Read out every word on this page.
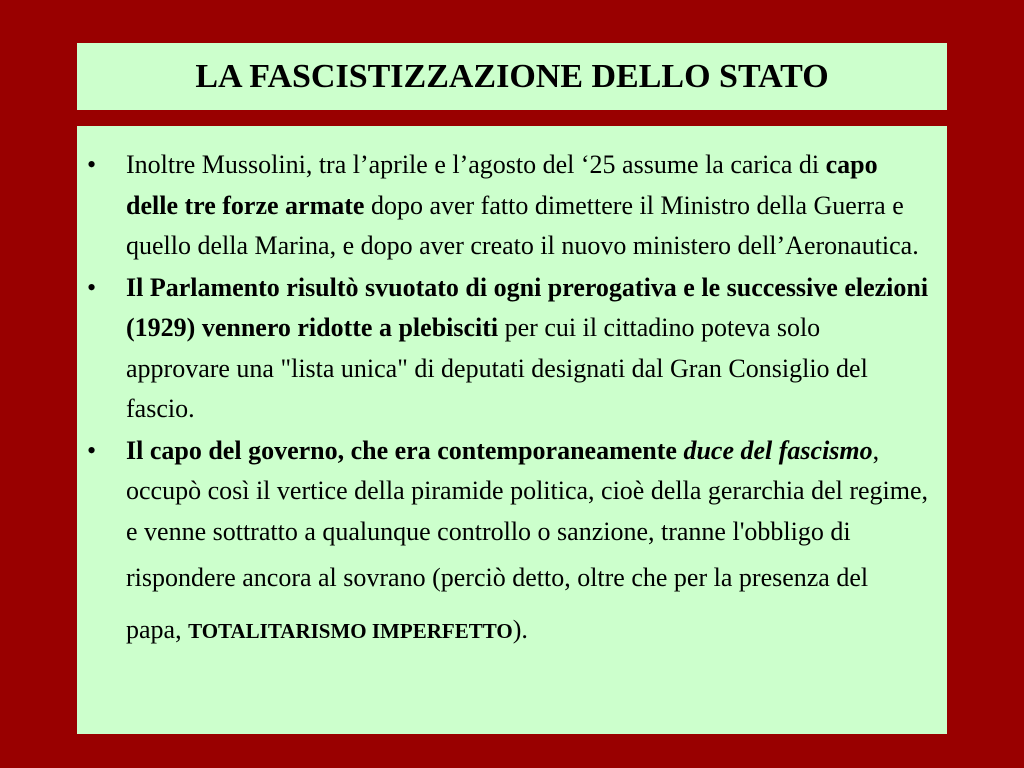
LA FASCISTIZZAZIONE DELLO STATO
• Inoltre Mussolini, tra l’aprile e l’agosto del ‘25 assume la carica di capo delle tre forze armate dopo aver fatto dimettere il Ministro della Guerra e quello della Marina, e dopo aver creato il nuovo ministero dell’Aeronautica.
• Il Parlamento risultò svuotato di ogni prerogativa e le successive elezioni (1929) vennero ridotte a plebisciti per cui il cittadino poteva solo approvare una "lista unica" di deputati designati dal Gran Consiglio del fascio.
• Il capo del governo, che era contemporaneamente duce del fascismo, occupò così il vertice della piramide politica, cioè della gerarchia del regime, e venne sottratto a qualunque controllo o sanzione, tranne l'obbligo di rispondere ancora al sovrano (perciò detto, oltre che per la presenza del papa, TOTALITARISMO IMPERFETTO).
